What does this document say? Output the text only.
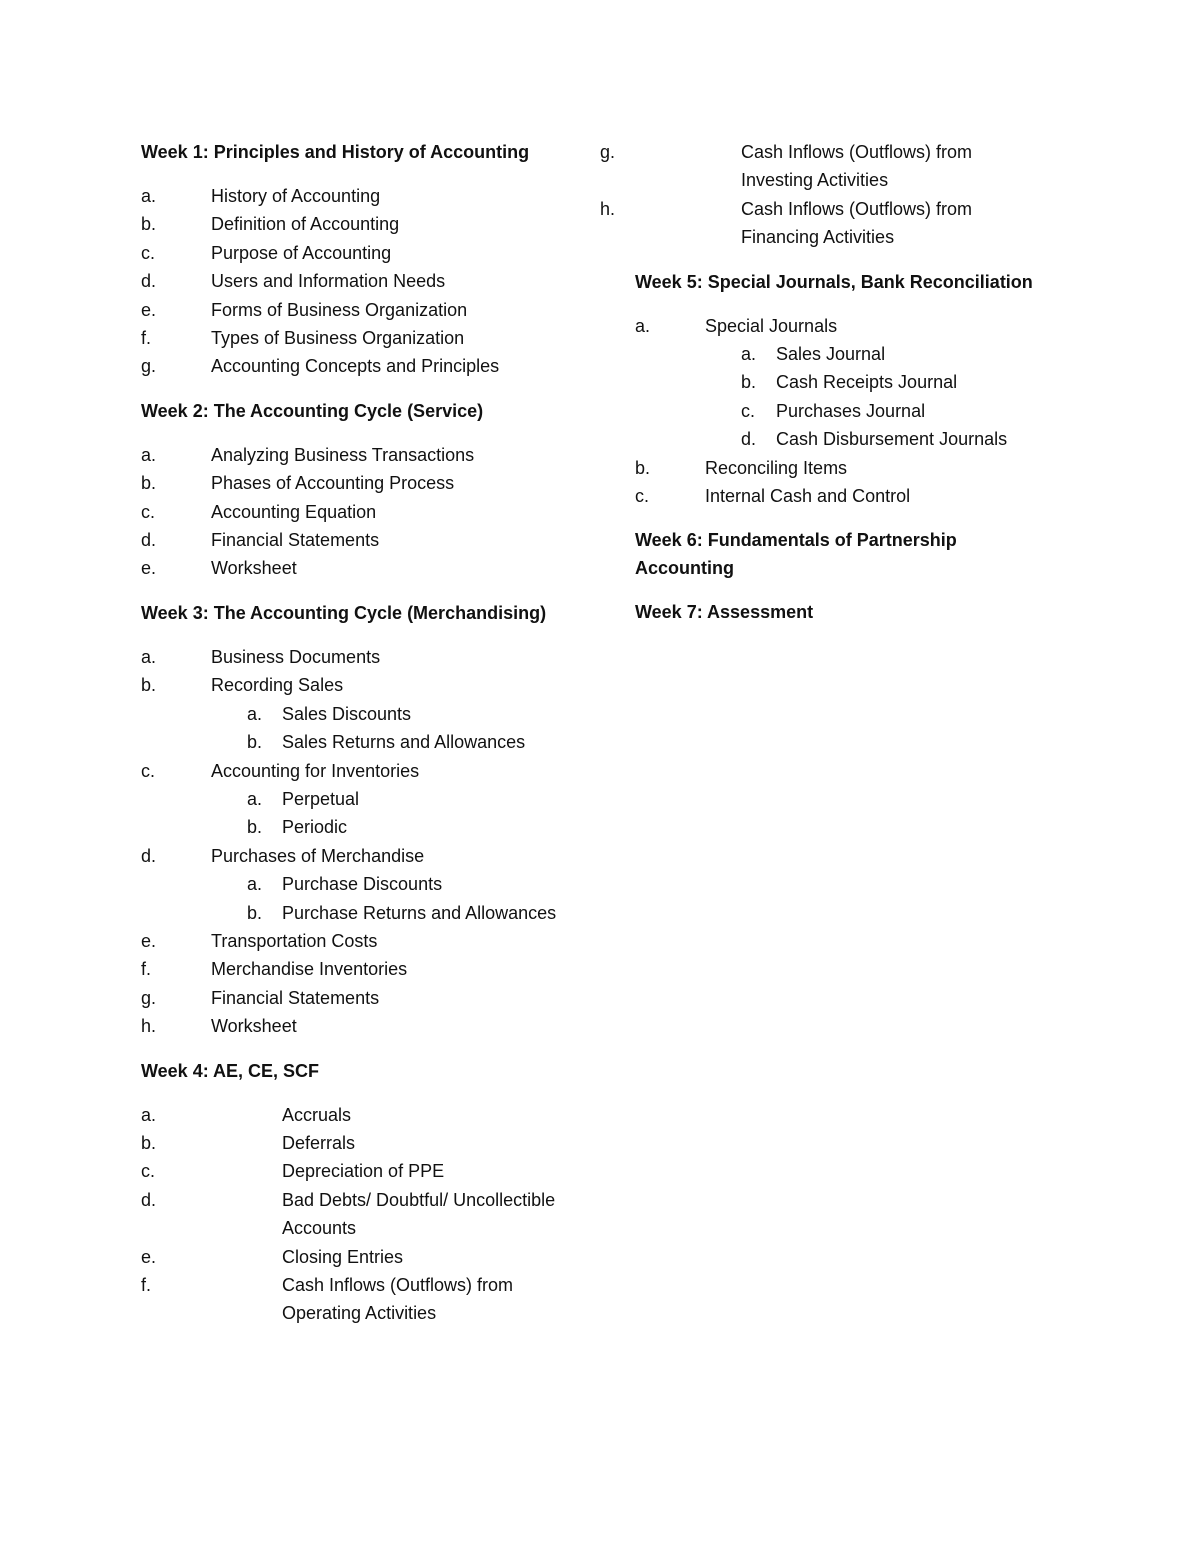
Week 1: Principles and History of Accounting
a.	History of Accounting
b.	Definition of Accounting
c.	Purpose of Accounting
d.	Users and Information Needs
e.	Forms of Business Organization
f.	Types of Business Organization
g.	Accounting Concepts and Principles
Week 2: The Accounting Cycle (Service)
a.	Analyzing Business Transactions
b.	Phases of Accounting Process
c.	Accounting Equation
d.	Financial Statements
e.	Worksheet
Week 3: The Accounting Cycle (Merchandising)
a.	Business Documents
b.	Recording Sales
a. Sales Discounts
b. Sales Returns and Allowances
c.	Accounting for Inventories
a. Perpetual
b. Periodic
d.	Purchases of Merchandise
a. Purchase Discounts
b. Purchase Returns and Allowances
e.	Transportation Costs
f.	Merchandise Inventories
g.	Financial Statements
h.	Worksheet
Week 4: AE, CE, SCF
a.	Accruals
b.	Deferrals
c.	Depreciation of PPE
d.	Bad Debts/ Doubtful/ Uncollectible Accounts
e.	Closing Entries
f.	Cash Inflows (Outflows) from Operating Activities
g.	Cash Inflows (Outflows) from Investing Activities
h.	Cash Inflows (Outflows) from Financing Activities
Week 5: Special Journals, Bank Reconciliation
a.	Special Journals
a. Sales Journal
b. Cash Receipts Journal
c. Purchases Journal
d. Cash Disbursement Journals
b.	Reconciling Items
c.	Internal Cash and Control
Week 6: Fundamentals of Partnership Accounting
Week 7: Assessment
